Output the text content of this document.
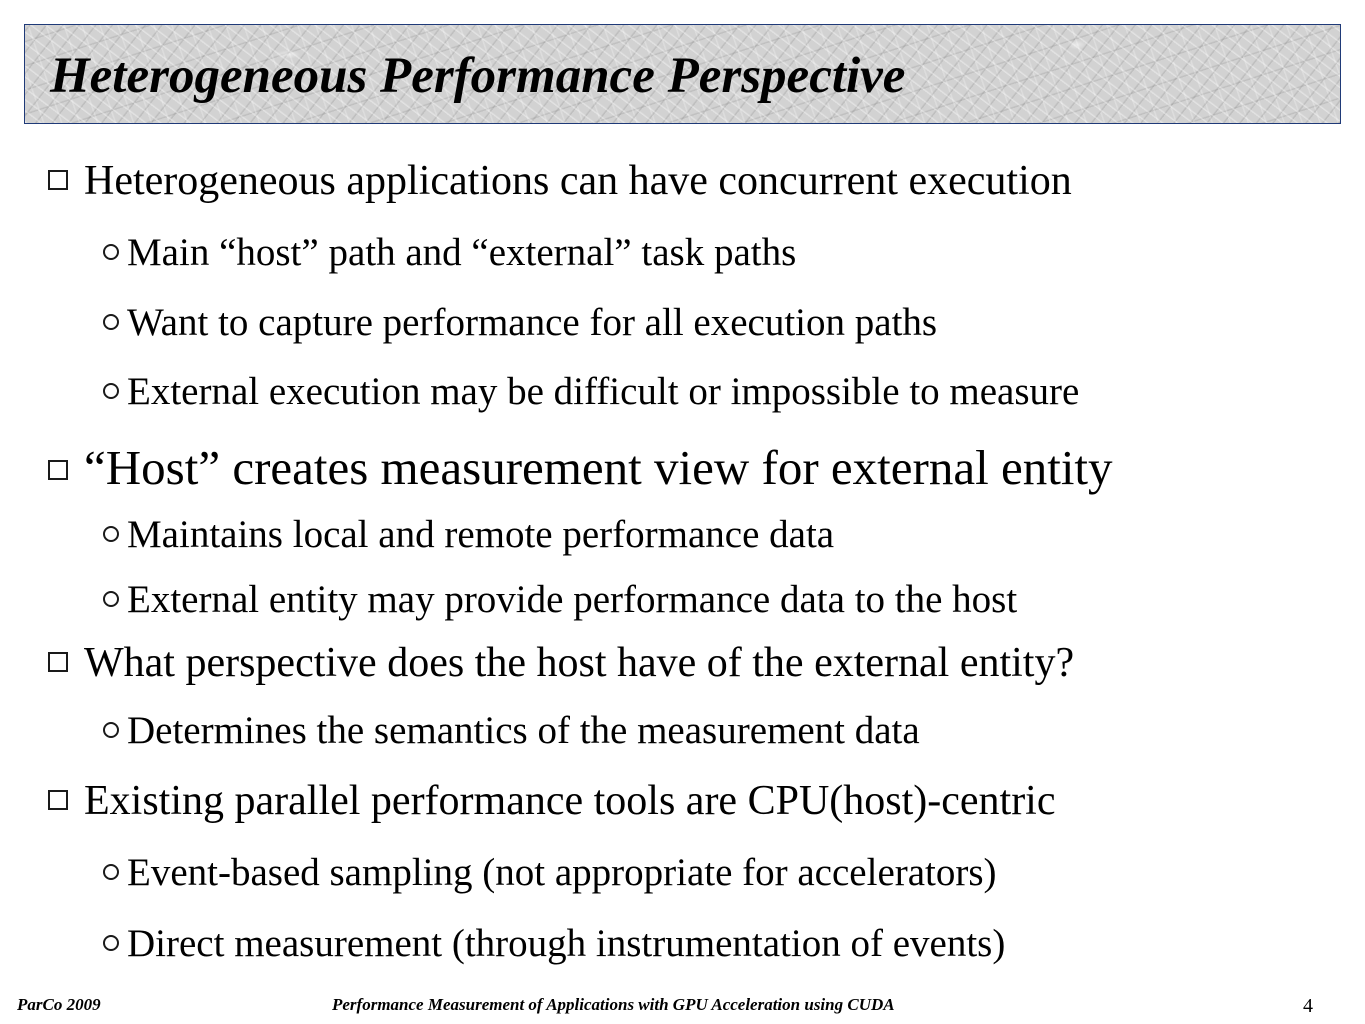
Heterogeneous Performance Perspective
Heterogeneous applications can have concurrent execution
Main “host” path and “external” task paths
Want to capture performance for all execution paths
External execution may be difficult or impossible to measure
“Host” creates measurement view for external entity
Maintains local and remote performance data
External entity may provide performance data to the host
What perspective does the host have of the external entity?
Determines the semantics of the measurement data
Existing parallel performance tools are CPU(host)-centric
Event-based sampling (not appropriate for accelerators)
Direct measurement (through instrumentation of events)
ParCo 2009	Performance Measurement of Applications with GPU Acceleration using CUDA	4
